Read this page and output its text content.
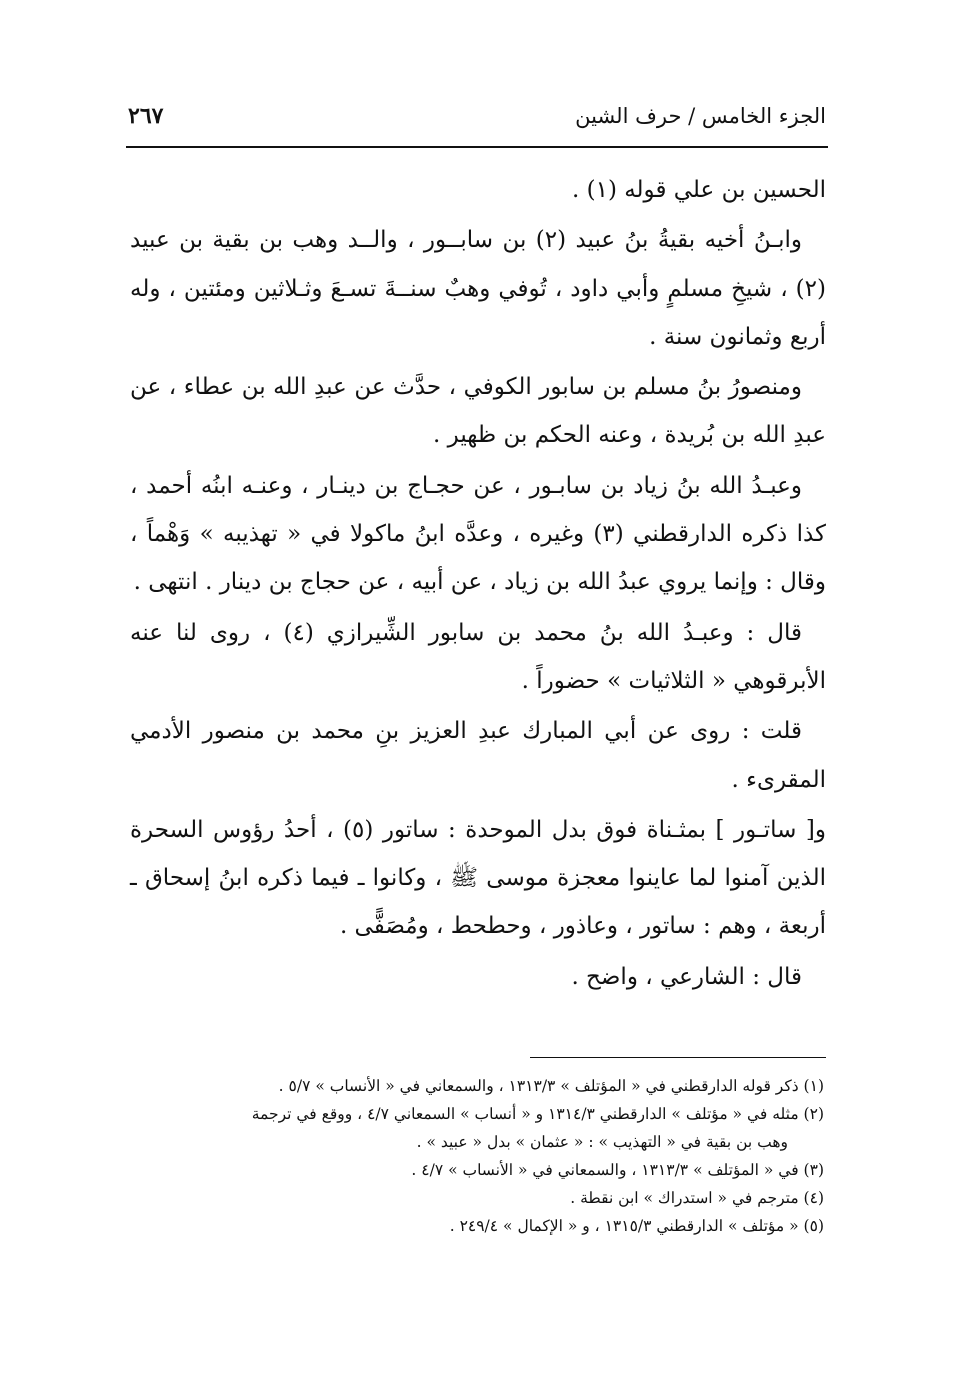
الجزء الخامس / حرف الشين
٢٦٧

الحسين بن علي قوله (١) .

وابـنُ أخيه بقيةُ بنُ عبيد (٢) بن سابــور ، والــد وهب بن بقية بن عبيد (٢) ، شيخِ مسلمٍ وأبي داود ، تُوفي وهبٌ سنــةَ تسـعَ وثـلاثين ومئتين ، وله أربع وثمانون سنة .

ومنصورُ بنُ مسلم بن سابور الكوفي ، حدَّث عن عبدِ الله بن عطاء ، عن عبدِ الله بن بُريدة ، وعنه الحكم بن ظهير .

وعبـدُ الله بنُ زياد بن سابـور ، عن حجـاج بن دينـار ، وعنـه ابنُه أحمد ، كذا ذكره الدارقطني (٣) وغيره ، وعدَّه ابنُ ماكولا في « تهذيبه » وَهْماً ، وقال : وإنما يروي عبدُ الله بن زياد ، عن أبيه ، عن حجاج بن دينار . انتهى .

قال : وعبـدُ الله بنُ محمد بن سابور الشِّيرازي (٤) ، روى لنا عنه الأبرقوهي « الثلاثيات » حضوراً .

قلت : روى عن أبي المبارك عبدِ العزيز بنِ محمد بن منصور الأدمي المقرىء .

و[ ساتـور ] بمثـناة فوق بدل الموحدة : ساتور (٥) ، أحدُ رؤوس السحرة الذين آمنوا لما عاينوا معجزة موسى ﷺ ، وكانوا ـ فيما ذكره ابنُ إسحاق ـ أربعة ، وهم : ساتور ، وعاذور ، وحطحط ، ومُصَفًّى .

قال : الشارعي ، واضح .

(١) ذكر قوله الدارقطني في « المؤتلف » ١٣١٣/٣ ، والسمعاني في « الأنساب » ٥/٧ .

(٢) مثله في « مؤتلف » الدارقطني ١٣١٤/٣ و « أنساب » السمعاني ٤/٧ ، ووقع في ترجمة

وهب بن بقية في « التهذيب » : « عثمان » بدل « عبيد » .

(٣) في « المؤتلف » ١٣١٣/٣ ، والسمعاني في « الأنساب » ٤/٧ .

(٤) مترجم في « استدراك » ابن نقطة .

(٥) « مؤتلف » الدارقطني ١٣١٥/٣ ، و « الإكمال » ٢٤٩/٤ .
